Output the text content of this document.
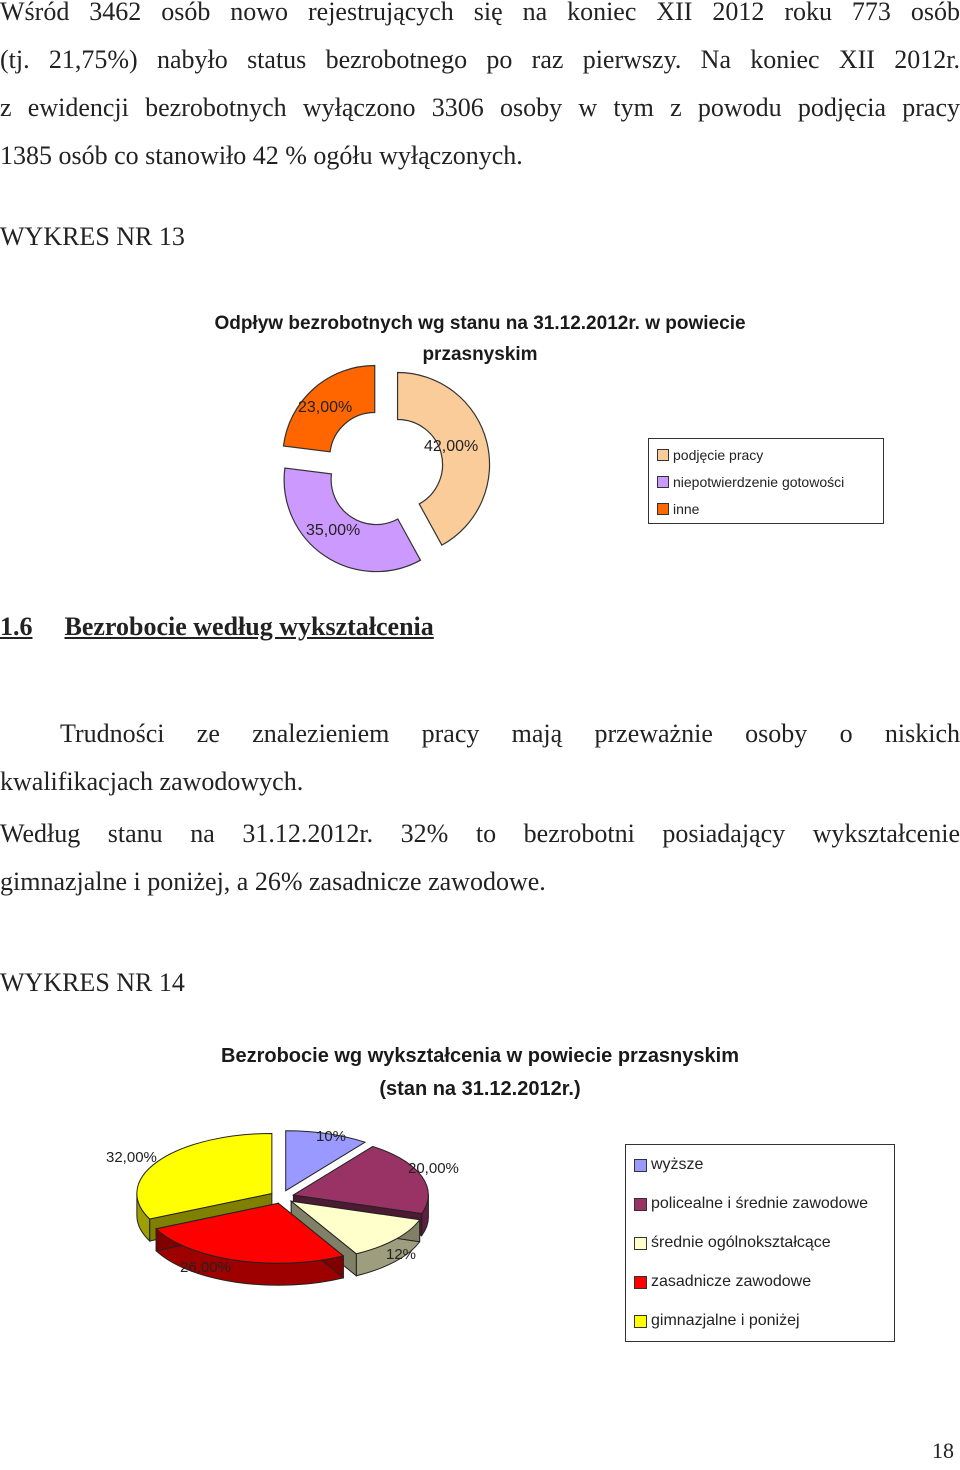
Wśród 3462 osób nowo rejestrujących się na koniec XII 2012 roku 773 osób
(tj. 21,75%) nabyło status bezrobotnego po raz pierwszy. Na koniec XII 2012r.
z ewidencji bezrobotnych wyłączono 3306 osoby w tym z powodu podjęcia pracy
1385 osób co stanowiło 42 % ogółu wyłączonych.
WYKRES NR 13
Odpływ bezrobotnych wg stanu na 31.12.2012r. w powiecie
przasnyskim
23,00%
42,00%
35,00%
podjęcie pracy
niepotwierdzenie gotowości
inne
1.6 Bezrobocie według wykształcenia
Trudności ze znalezieniem pracy mają przeważnie osoby o niskich
kwalifikacjach zawodowych.
Według stanu na 31.12.2012r. 32% to bezrobotni posiadający wykształcenie
gimnazjalne i poniżej, a 26% zasadnicze zawodowe.
WYKRES NR 14
Bezrobocie wg wykształcenia w powiecie przasnyskim
(stan na 31.12.2012r.)
10%
20,00%
12%
26,00%
32,00%	wyższe
policealne i średnie zawodowe
średnie ogólnokształcące
zasadnicze zawodowe
gimnazjalne i poniżej
18
